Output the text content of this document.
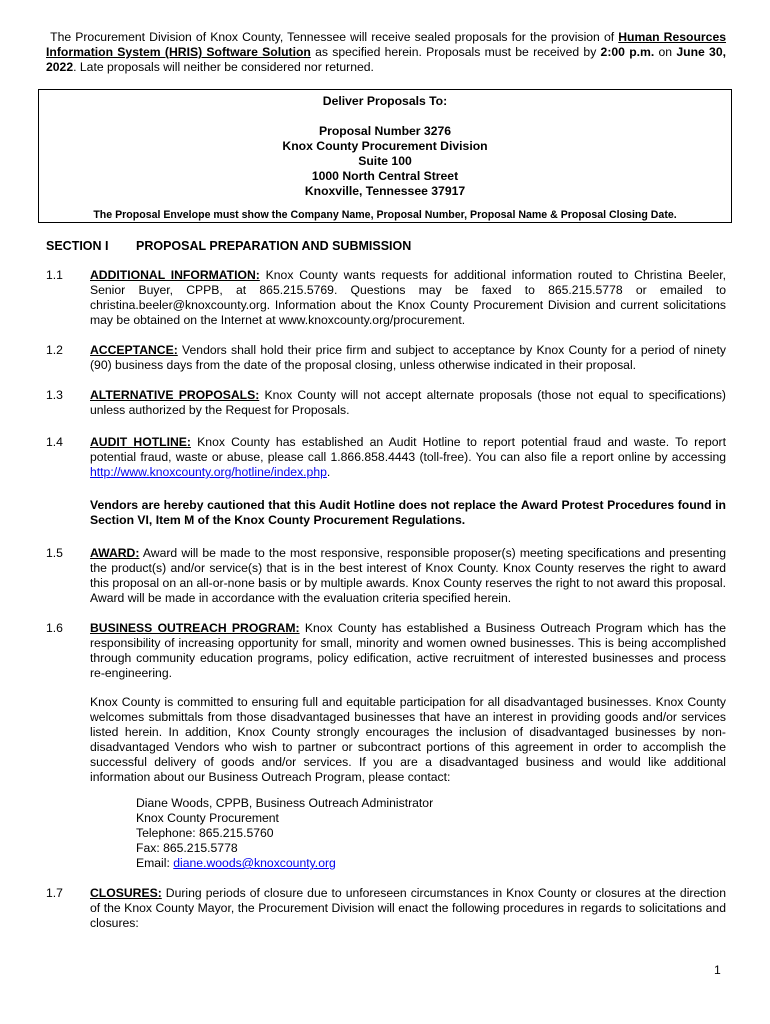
The Procurement Division of Knox County, Tennessee will receive sealed proposals for the provision of Human Resources Information System (HRIS) Software Solution as specified herein. Proposals must be received by 2:00 p.m. on June 30, 2022. Late proposals will neither be considered nor returned.
Deliver Proposals To:
Proposal Number 3276
Knox County Procurement Division
Suite 100
1000 North Central Street
Knoxville, Tennessee 37917
The Proposal Envelope must show the Company Name, Proposal Number, Proposal Name & Proposal Closing Date.
SECTION I PROPOSAL PREPARATION AND SUBMISSION
1.1 ADDITIONAL INFORMATION: Knox County wants requests for additional information routed to Christina Beeler, Senior Buyer, CPPB, at 865.215.5769. Questions may be faxed to 865.215.5778 or emailed to christina.beeler@knoxcounty.org. Information about the Knox County Procurement Division and current solicitations may be obtained on the Internet at www.knoxcounty.org/procurement.
1.2 ACCEPTANCE: Vendors shall hold their price firm and subject to acceptance by Knox County for a period of ninety (90) business days from the date of the proposal closing, unless otherwise indicated in their proposal.
1.3 ALTERNATIVE PROPOSALS: Knox County will not accept alternate proposals (those not equal to specifications) unless authorized by the Request for Proposals.
1.4 AUDIT HOTLINE: Knox County has established an Audit Hotline to report potential fraud and waste. To report potential fraud, waste or abuse, please call 1.866.858.4443 (toll-free). You can also file a report online by accessing http://www.knoxcounty.org/hotline/index.php.
Vendors are hereby cautioned that this Audit Hotline does not replace the Award Protest Procedures found in Section VI, Item M of the Knox County Procurement Regulations.
1.5 AWARD: Award will be made to the most responsive, responsible proposer(s) meeting specifications and presenting the product(s) and/or service(s) that is in the best interest of Knox County. Knox County reserves the right to award this proposal on an all-or-none basis or by multiple awards. Knox County reserves the right to not award this proposal. Award will be made in accordance with the evaluation criteria specified herein.
1.6 BUSINESS OUTREACH PROGRAM: Knox County has established a Business Outreach Program which has the responsibility of increasing opportunity for small, minority and women owned businesses. This is being accomplished through community education programs, policy edification, active recruitment of interested businesses and process re-engineering.
Knox County is committed to ensuring full and equitable participation for all disadvantaged businesses. Knox County welcomes submittals from those disadvantaged businesses that have an interest in providing goods and/or services listed herein. In addition, Knox County strongly encourages the inclusion of disadvantaged businesses by non-disadvantaged Vendors who wish to partner or subcontract portions of this agreement in order to accomplish the successful delivery of goods and/or services. If you are a disadvantaged business and would like additional information about our Business Outreach Program, please contact:
Diane Woods, CPPB, Business Outreach Administrator
Knox County Procurement
Telephone: 865.215.5760
Fax: 865.215.5778
Email: diane.woods@knoxcounty.org
1.7 CLOSURES: During periods of closure due to unforeseen circumstances in Knox County or closures at the direction of the Knox County Mayor, the Procurement Division will enact the following procedures in regards to solicitations and closures:
1
